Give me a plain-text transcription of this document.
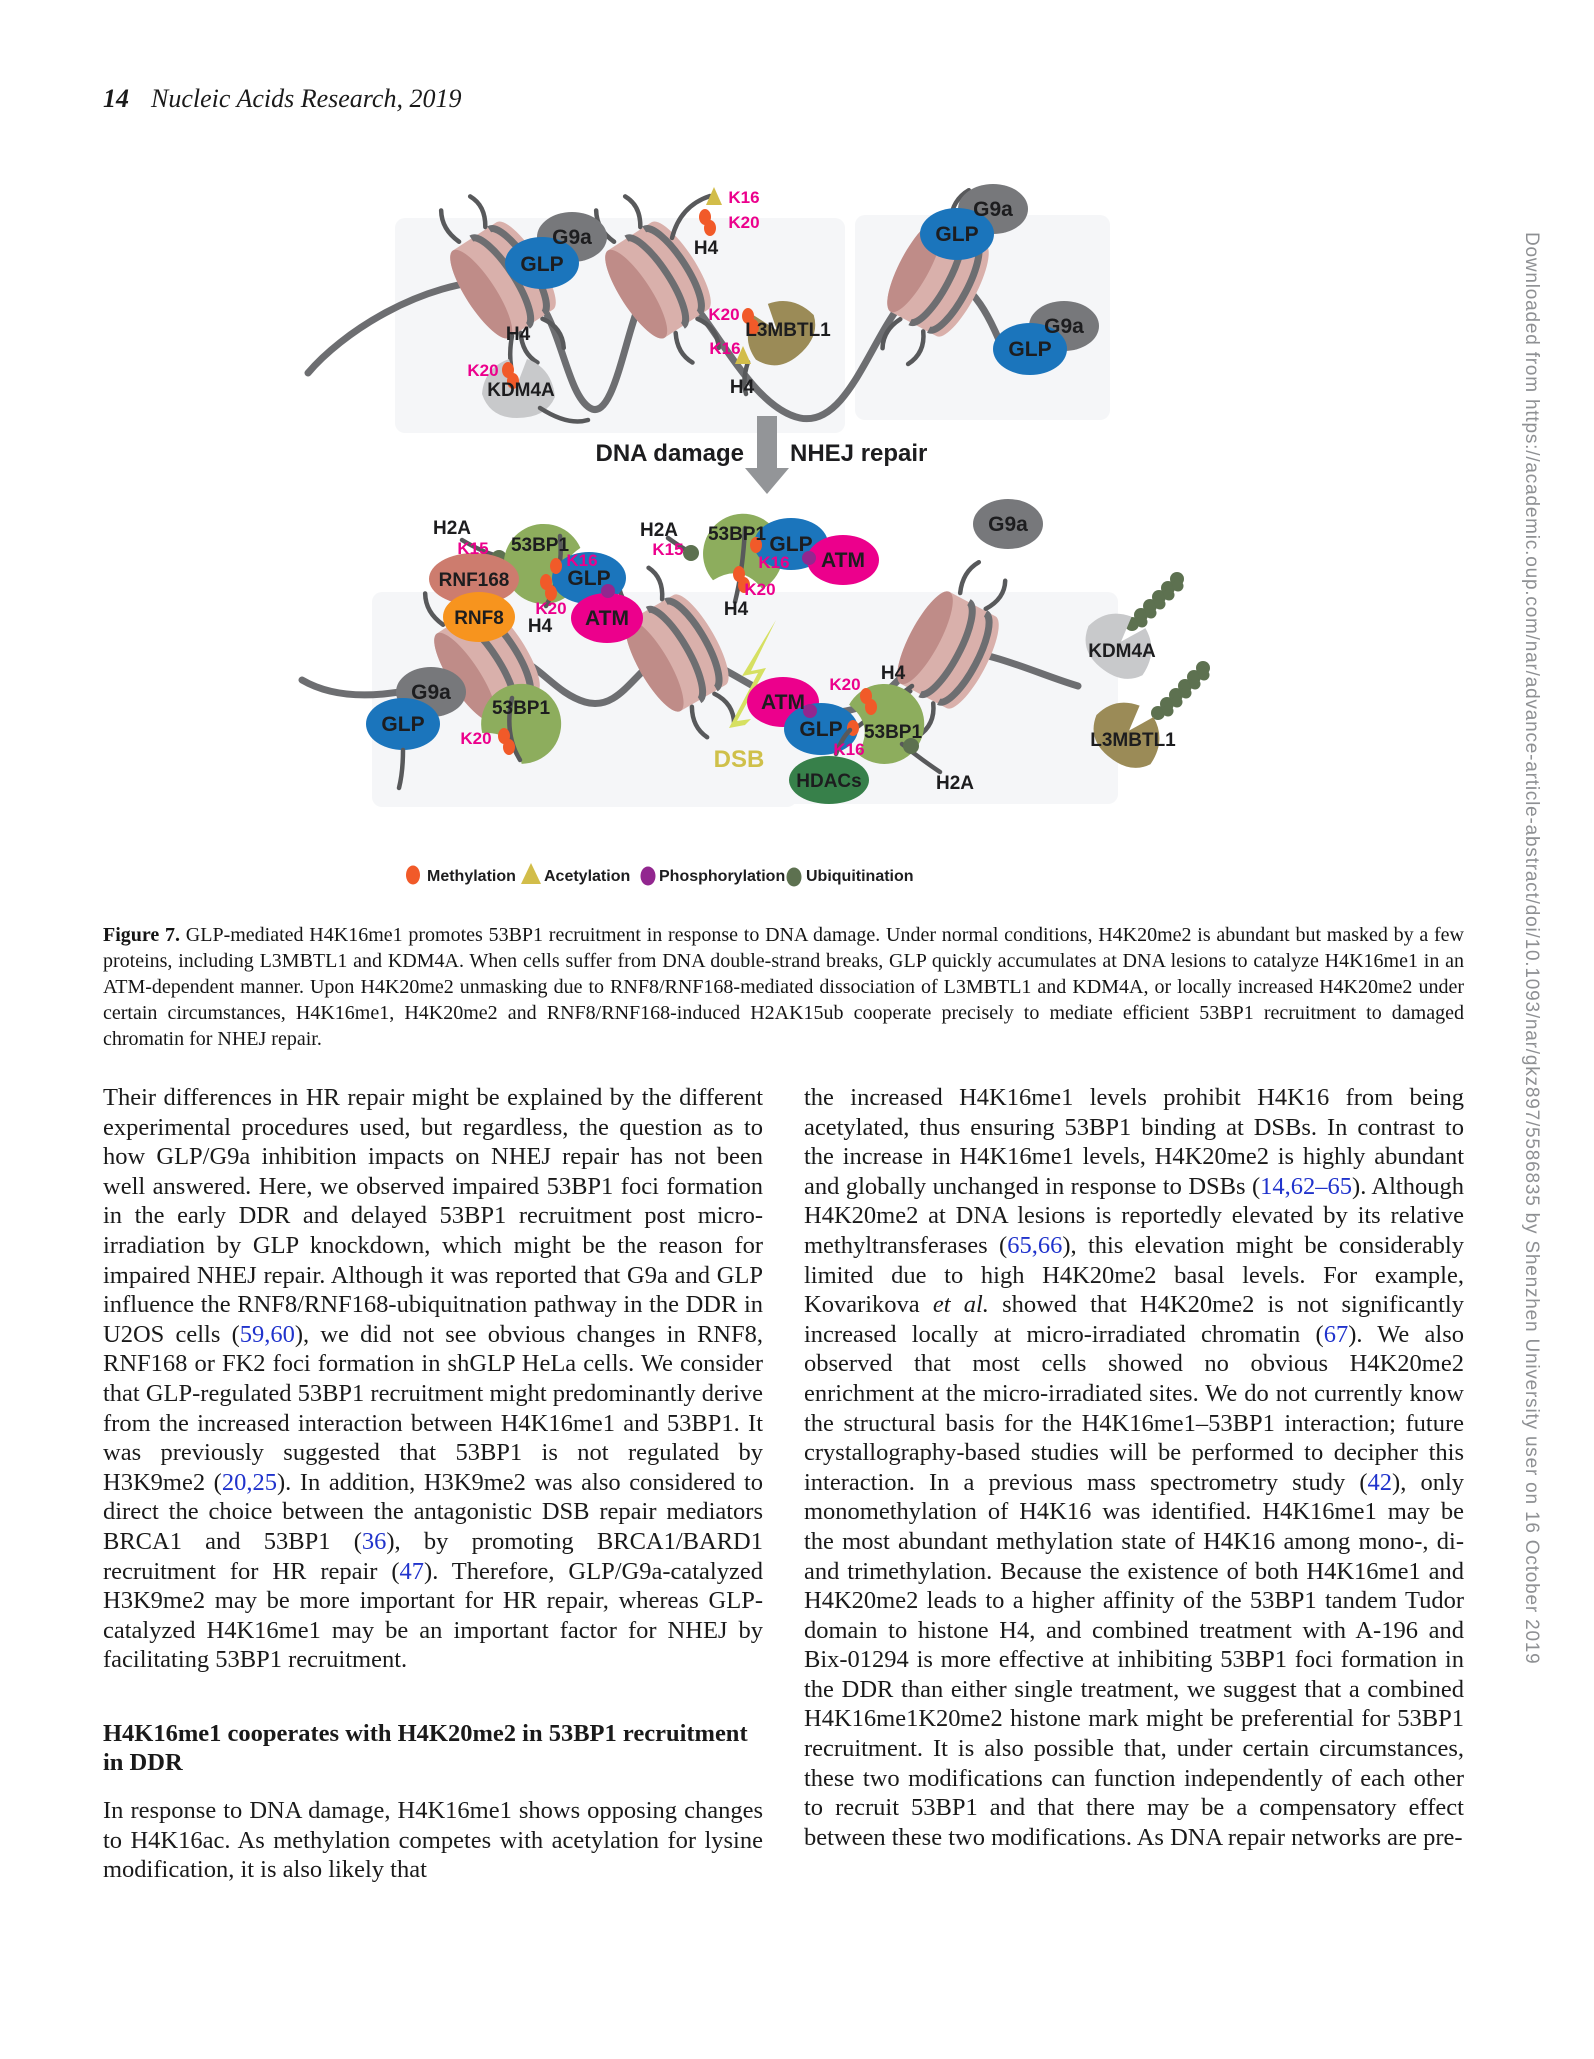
14 Nucleic Acids Research, 2019
DNA damage NHEJ repair
G9a
GLP
H4
K20
KDM4A
K16
K20
H4
K20
L3MBTL1
K16
H4
G9a
GLP
G9a
GLP
H2A
K15 53BP1
RNF168
RNF8
K16
GLP
ATM
K20
H4
G9a
GLP
53BP1
K20
H2A
K15
53BP1 GLP
K16 ATM
K20
H4
DSB
K20
H4
ATM
GLP 53BP1
K16
HDACs	H2A
G9a
KDM4A
L3MBTL1
Methylation Acetylation Phosphorylation Ubiquitination
Figure 7. GLP-mediated H4K16me1 promotes 53BP1 recruitment in response to DNA damage. Under normal conditions, H4K20me2 is abundant but masked by a few proteins, including L3MBTL1 and KDM4A. When cells suffer from DNA double-strand breaks, GLP quickly accumulates at DNA lesions to catalyze H4K16me1 in an ATM-dependent manner. Upon H4K20me2 unmasking due to RNF8/RNF168-mediated dissociation of L3MBTL1 and KDM4A, or locally increased H4K20me2 under certain circumstances, H4K16me1, H4K20me2 and RNF8/RNF168-induced H2AK15ub cooperate precisely to mediate efficient 53BP1 recruitment to damaged chromatin for NHEJ repair.

Their differences in HR repair might be explained by the different experimental procedures used, but regardless, the question as to how GLP/G9a inhibition impacts on NHEJ repair has not been well answered. Here, we observed impaired 53BP1 foci formation in the early DDR and delayed 53BP1 recruitment post micro-irradiation by GLP knockdown, which might be the reason for impaired NHEJ repair. Although it was reported that G9a and GLP influence the RNF8/RNF168-ubiquitnation pathway in the DDR in U2OS cells (59,60), we did not see obvious changes in RNF8, RNF168 or FK2 foci formation in shGLP HeLa cells. We consider that GLP-regulated 53BP1 recruitment might predominantly derive from the increased interaction between H4K16me1 and 53BP1. It was previously suggested that 53BP1 is not regulated by H3K9me2 (20,25). In addition, H3K9me2 was also considered to direct the choice between the antagonistic DSB repair mediators BRCA1 and 53BP1 (36), by promoting BRCA1/BARD1 recruitment for HR repair (47). Therefore, GLP/G9a-catalyzed H3K9me2 may be more important for HR repair, whereas GLP-catalyzed H4K16me1 may be an important factor for NHEJ by facilitating 53BP1 recruitment.

H4K16me1 cooperates with H4K20me2 in 53BP1 recruitment in DDR

In response to DNA damage, H4K16me1 shows opposing changes to H4K16ac. As methylation competes with acetylation for lysine modification, it is also likely that

the increased H4K16me1 levels prohibit H4K16 from being acetylated, thus ensuring 53BP1 binding at DSBs. In contrast to the increase in H4K16me1 levels, H4K20me2 is highly abundant and globally unchanged in response to DSBs (14,62–65). Although H4K20me2 at DNA lesions is reportedly elevated by its relative methyltransferases (65,66), this elevation might be considerably limited due to high H4K20me2 basal levels. For example, Kovarikova et al. showed that H4K20me2 is not significantly increased locally at micro-irradiated chromatin (67). We also observed that most cells showed no obvious H4K20me2 enrichment at the micro-irradiated sites. We do not currently know the structural basis for the H4K16me1–53BP1 interaction; future crystallography-based studies will be performed to decipher this interaction. In a previous mass spectrometry study (42), only monomethylation of H4K16 was identified. H4K16me1 may be the most abundant methylation state of H4K16 among mono-, di- and trimethylation. Because the existence of both H4K16me1 and H4K20me2 leads to a higher affinity of the 53BP1 tandem Tudor domain to histone H4, and combined treatment with A-196 and Bix-01294 is more effective at inhibiting 53BP1 foci formation in the DDR than either single treatment, we suggest that a combined H4K16me1K20me2 histone mark might be preferential for 53BP1 recruitment. It is also possible that, under certain circumstances, these two modifications can function independently of each other to recruit 53BP1 and that there may be a compensatory effect between these two modifications. As DNA repair networks are pre-

Downloaded from https://academic.oup.com/nar/advance-article-abstract/doi/10.1093/nar/gkz897/5586835 by Shenzhen University user on 16 October 2019
